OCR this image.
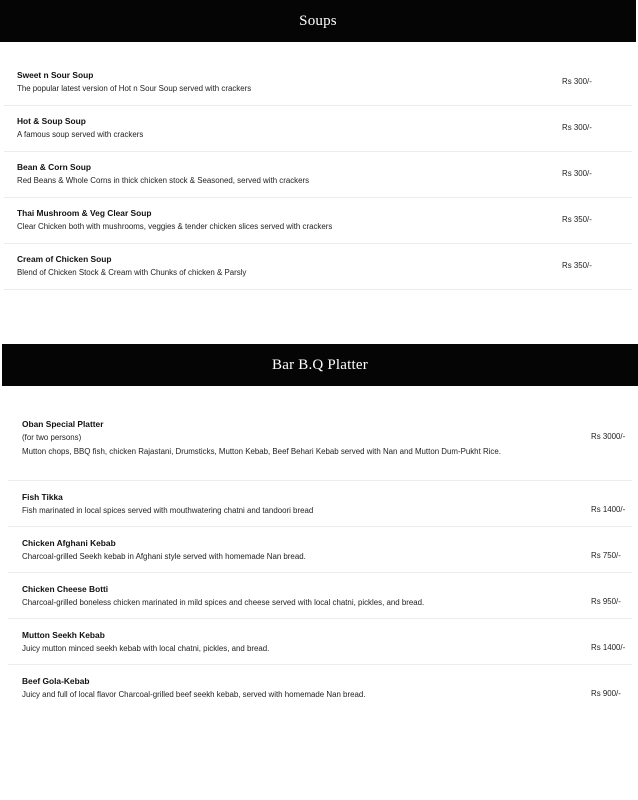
Soups
Sweet n Sour Soup
The popular latest version of Hot n Sour Soup served with crackers
Rs 300/-
Hot & Soup Soup
A famous soup served with crackers
Rs 300/-
Bean & Corn Soup
Red Beans & Whole Corns in thick chicken stock & Seasoned, served with crackers
Rs 300/-
Thai Mushroom & Veg Clear Soup
Clear Chicken both with mushrooms, veggies & tender chicken slices served with crackers
Rs 350/-
Cream of Chicken Soup
Blend of Chicken Stock & Cream with Chunks of chicken & Parsly
Rs 350/-
Bar B.Q Platter
Oban Special Platter
(for two persons)
Mutton chops, BBQ fish, chicken Rajastani, Drumsticks, Mutton Kebab, Beef Behari Kebab served with Nan and Mutton Dum-Pukht Rice.
Rs 3000/-
Fish Tikka
Fish marinated in local spices served with mouthwatering chatni and tandoori bread	Rs 1400/-
Chicken Afghani Kebab
Charcoal-grilled Seekh kebab in Afghani style served with homemade Nan bread.	Rs 750/-
Chicken Cheese Botti
Charcoal-grilled boneless chicken marinated in mild spices and cheese served with local chatni, pickles, and bread.	Rs 950/-
Mutton Seekh Kebab
Juicy mutton minced seekh kebab with local chatni, pickles, and bread.	Rs 1400/-
Beef Gola-Kebab
Juicy and full of local flavor Charcoal-grilled beef seekh kebab, served with homemade Nan bread.	Rs 900/-
